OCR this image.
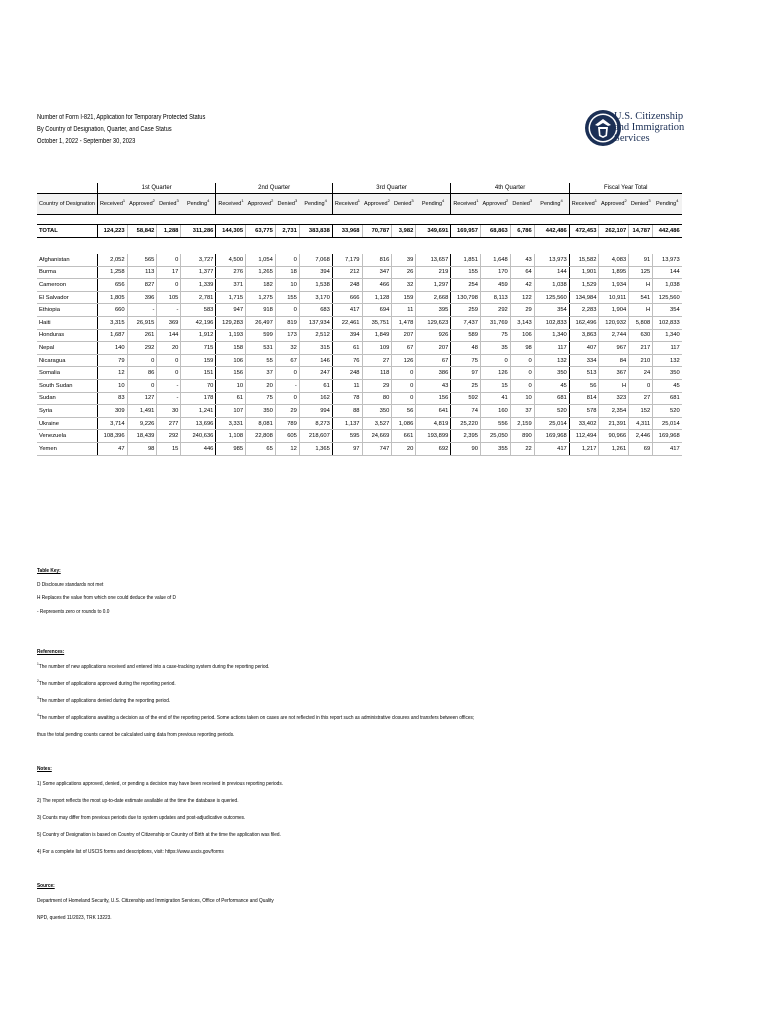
Number of Form I-821, Application for Temporary Protected Status
By Country of Designation, Quarter, and Case Status
October 1, 2022 - September 30, 2023
U.S. Citizenship
and Immigration
Services
	1st Quarter				2nd Quarter				3rd Quarter				4th Quarter				Fiscal Year Total			
Country of Designation	Received$^1$	Approved$^2$	Denied$^3$	Pending$^4$	Received$^1$	Approved$^2$	Denied$^3$	Pending$^4$	Received$^1$	Approved$^2$	Denied$^3$	Pending$^4$	Received$^1$	Approved$^2$	Denied$^3$	Pending$^4$	Received$^1$	Approved$^2$	Denied$^3$	Pending$^4$

TOTAL	124,223	58,842	1,288	311,286	144,305	63,775	2,731	383,838	33,968	70,787	3,982	349,691	169,957	68,863	6,786	442,486	472,453	262,107	14,787	442,486

Afghanistan	2,052	565	0	3,727	4,500	1,054	0	7,068	7,179	816	39	13,657	1,851	1,648	43	13,973	15,582	4,083	91	13,973
Burma	1,258	113	17	1,377	276	1,265	18	394	212	347	26	219	155	170	64	144	1,901	1,895	125	144
Cameroon	656	827	0	1,339	371	182	10	1,538	248	466	32	1,297	254	459	42	1,038	1,529	1,934	H	1,038
El Salvador	1,805	396	105	2,781	1,715	1,275	155	3,170	666	1,128	159	2,668	130,798	8,113	122	125,560	134,984	10,911	541	125,560
Ethiopia	660	-	-	583	947	918	0	683	417	694	11	395	259	292	29	354	2,283	1,904	H	354
Haiti	3,315	26,915	369	42,196	129,283	26,497	819	137,934	22,461	35,751	1,478	129,623	7,437	31,769	3,143	102,833	162,496	120,932	5,808	102,833
Honduras	1,687	261	144	1,912	1,193	599	173	2,512	394	1,849	207	926	589	75	106	1,340	3,863	2,744	630	1,340
Nepal	140	292	20	715	158	531	32	315	61	109	67	207	48	35	98	117	407	967	217	117
Nicaragua	79	0	0	159	106	55	67	146	76	27	126	67	75	0	0	132	334	84	210	132
Somalia	12	86	0	151	156	37	0	247	248	118	0	386	97	126	0	350	513	367	24	350
South Sudan	10	0	-	70	10	20	-	61	11	29	0	43	25	15	0	45	56	H	0	45
Sudan	83	127	-	178	61	75	0	162	78	80	0	156	592	41	10	681	814	323	27	681
Syria	309	1,491	30	1,241	107	350	29	994	88	350	56	641	74	160	37	520	578	2,354	152	520
Ukraine	3,714	9,226	277	13,696	3,331	8,081	789	8,273	1,137	3,527	1,086	4,819	25,220	556	2,159	25,014	33,402	21,391	4,311	25,014
Venezuela	108,396	18,439	292	240,636	1,108	22,808	605	218,607	595	24,669	661	193,899	2,395	25,050	890	169,968	112,494	90,966	2,446	169,968
Yemen	47	98	15	446	985	65	12	1,365	97	747	20	692	90	355	22	417	1,217	1,261	69	417
Table Key:
D Disclosure standards not met
H Replaces the value from which one could deduce the value of D
- Represents zero or rounds to 0.0
References:
$^1$The number of new applications received and entered into a case-tracking system during the reporting period.
$^2$The number of applications approved during the reporting period.
$^3$The number of applications denied during the reporting period.
$^4$The number of applications awaiting a decision as of the end of the reporting period. Some actions taken on cases are not reflected in this report such as administrative closures and transfers between offices;
thus the total pending counts cannot be calculated using data from previous reporting periods.
Notes:
1) Some applications approved, denied, or pending a decision may have been received in previous reporting periods.
2) The report reflects the most up-to-date estimate available at the time the database is queried.
3) Counts may differ from previous periods due to system updates and post-adjudicative outcomes.
5) Country of Designation is based on Country of Citizenship or Country of Birth at the time the application was filed.
4) For a complete list of USCIS forms and descriptions, visit: https://www.uscis.gov/forms
Source:
Department of Homeland Security, U.S. Citizenship and Immigration Services, Office of Performance and Quality
NPD, queried 11/2023, TRK 13223.
